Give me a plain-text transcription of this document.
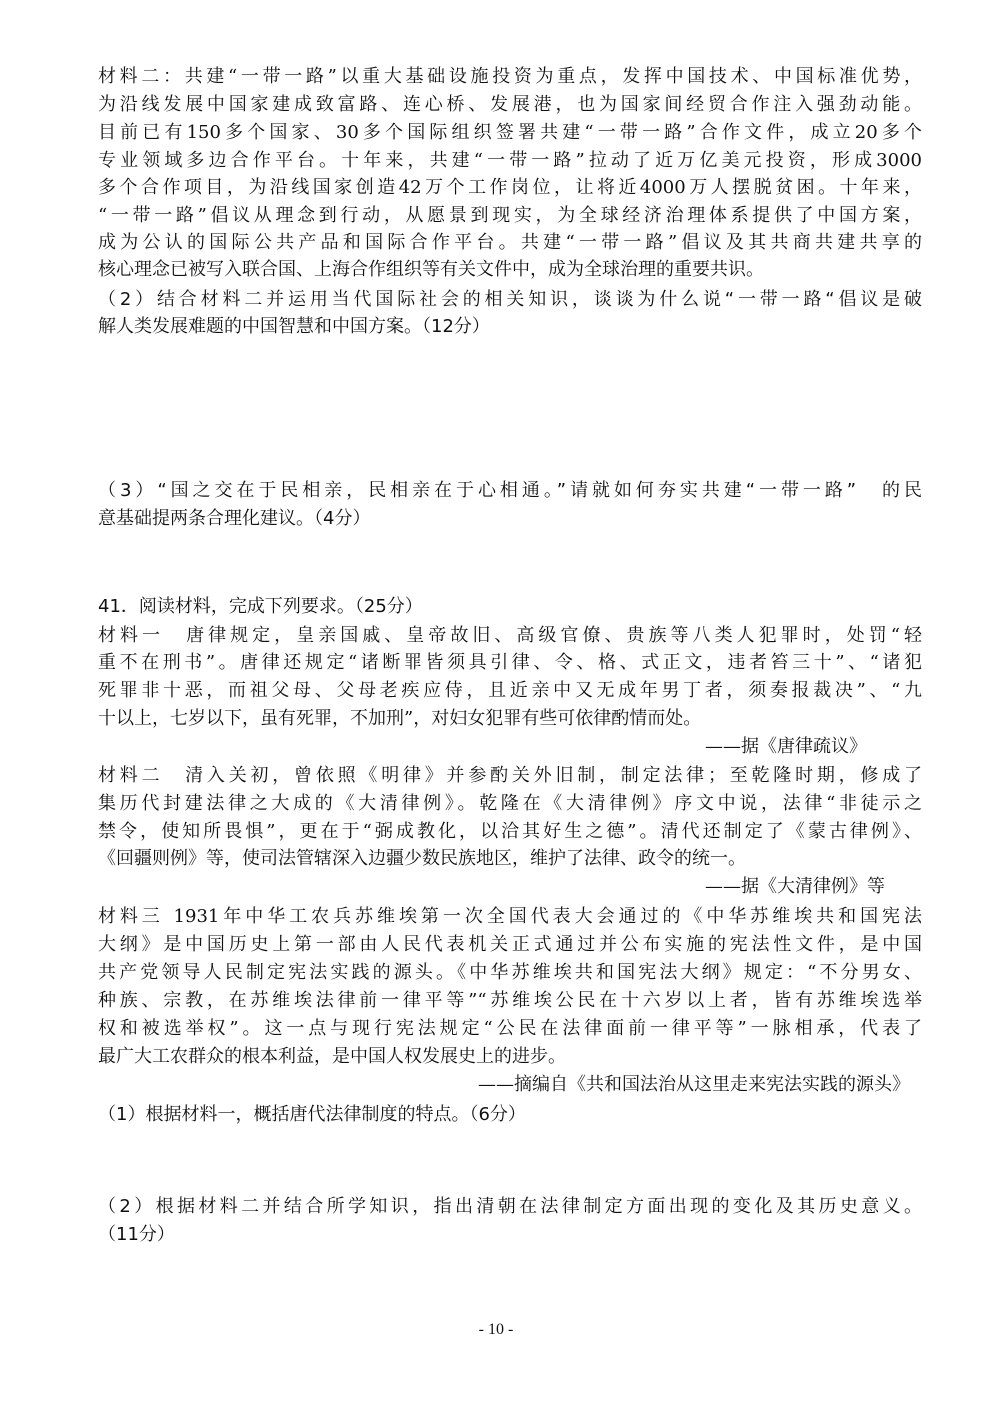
材料二：共建“一带一路”以重大基础设施投资为重点，发挥中国技术、中国标准优势，
为沿线发展中国家建成致富路、连心桥、发展港，也为国家间经贸合作注入强劲动能。
目前已有150多个国家、30多个国际组织签署共建“一带一路”合作文件，成立20多个
专业领域多边合作平台。十年来，共建“一带一路”拉动了近万亿美元投资，形成3000
多个合作项目，为沿线国家创造42万个工作岗位，让将近4000万人摆脱贫困。十年来，
“一带一路”倡议从理念到行动，从愿景到现实，为全球经济治理体系提供了中国方案，
成为公认的国际公共产品和国际合作平台。共建“一带一路”倡议及其共商共建共享的
核心理念已被写入联合国、上海合作组织等有关文件中，成为全球治理的重要共识。
（2）结合材料二并运用当代国际社会的相关知识，谈谈为什么说“一带一路“倡议是破
解人类发展难题的中国智慧和中国方案。（12分）
（3）“国之交在于民相亲，民相亲在于心相通。”请就如何夯实共建“一带一路”　的民
意基础提两条合理化建议。（4分）
41．阅读材料，完成下列要求。（25分）
材料一　唐律规定，皇亲国戚、皇帝故旧、高级官僚、贵族等八类人犯罪时，处罚“轻
重不在刑书”。唐律还规定“诸断罪皆须具引律、令、格、式正文，违者笞三十”、“诸犯
死罪非十恶，而祖父母、父母老疾应侍，且近亲中又无成年男丁者，须奏报裁决”、“九
十以上，七岁以下，虽有死罪，不加刑”，对妇女犯罪有些可依律酌情而处。
——据《唐律疏议》
材料二　清入关初，曾依照《明律》并参酌关外旧制，制定法律；至乾隆时期，修成了
集历代封建法律之大成的《大清律例》。乾隆在《大清律例》序文中说，法律“非徒示之
禁令，使知所畏惧”，更在于“弼成教化，以洽其好生之德”。清代还制定了《蒙古律例》、
《回疆则例》等，使司法管辖深入边疆少数民族地区，维护了法律、政令的统一。
——据《大清律例》等
材料三 1931年中华工农兵苏维埃第一次全国代表大会通过的《中华苏维埃共和国宪法
大纲》是中国历史上第一部由人民代表机关正式通过并公布实施的宪法性文件，是中国
共产党领导人民制定宪法实践的源头。《中华苏维埃共和国宪法大纲》规定：“不分男女、
种族、宗教，在苏维埃法律前一律平等”“苏维埃公民在十六岁以上者，皆有苏维埃选举
权和被选举权”。这一点与现行宪法规定“公民在法律面前一律平等”一脉相承，代表了
最广大工农群众的根本利益，是中国人权发展史上的进步。
——摘编自《共和国法治从这里走来宪法实践的源头》
（1）根据材料一，概括唐代法律制度的特点。（6分）
（2）根据材料二并结合所学知识，指出清朝在法律制定方面出现的变化及其历史意义。
（11分）
- 10 -
